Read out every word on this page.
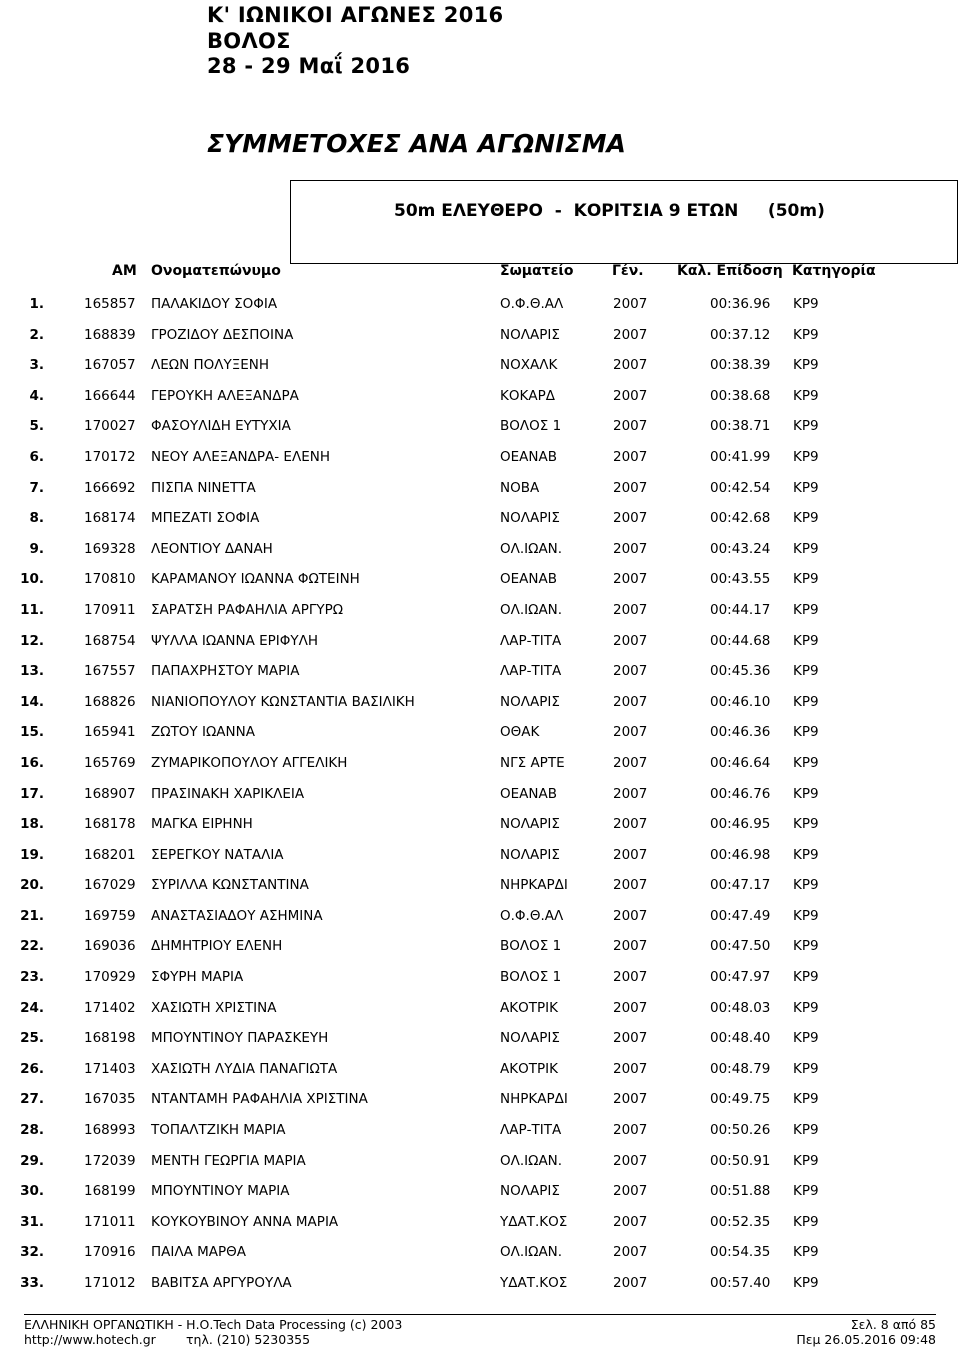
Κ' ΙΩΝΙΚΟΙ ΑΓΩΝΕΣ 2016
ΒΟΛΟΣ
28 - 29 Μαΐ 2016
ΣΥΜΜΕΤΟΧΕΣ ΑΝΑ ΑΓΩΝΙΣΜΑ
50m ΕΛΕΥΘΕΡΟ  -  ΚΟΡΙΤΣΙΑ 9 ΕΤΩΝ     (50m)
ΑΜ Ονοματεπώνυμο	Σωματείο	Γέν. Καλ. Επίδοση Κατηγορία
1.	165857 ΠΑΛΑΚΙΔΟΥ ΣΟΦΙΑ	Ο.Φ.Θ.ΑΛ	2007	00:36.96 ΚΡ9
2.	168839 ΓΡΟΖΙΔΟΥ ΔΕΣΠΟΙΝΑ	ΝΟΛΑΡΙΣ	2007	00:37.12 ΚΡ9
3.	167057 ΛΕΩΝ ΠΟΛΥΞΕΝΗ	ΝΟΧΑΛΚ	2007	00:38.39 ΚΡ9
4.	166644 ΓΕΡΟΥΚΗ ΑΛΕΞΑΝΔΡΑ	ΚΟΚΑΡΔ	2007	00:38.68 ΚΡ9
5.	170027 ΦΑΣΟΥΛΙΔΗ ΕΥΤΥΧΙΑ	ΒΟΛΟΣ 1	2007	00:38.71 ΚΡ9
6.	170172 ΝΕΟΥ ΑΛΕΞΑΝΔΡΑ- ΕΛΕΝΗ	ΟΕΑΝΑΒ	2007	00:41.99 ΚΡ9
7.	166692 ΠΙΣΠΑ ΝΙΝΕΤΤΑ	ΝΟΒΑ	2007	00:42.54 ΚΡ9
8.	168174 ΜΠΕΖΑΤΙ ΣΟΦΙΑ	ΝΟΛΑΡΙΣ	2007	00:42.68 ΚΡ9
9.	169328 ΛΕΟΝΤΙΟΥ ΔΑΝΑΗ	ΟΛ.ΙΩΑΝ.	2007	00:43.24 ΚΡ9
10.	170810 ΚΑΡΑΜΑΝΟΥ ΙΩΑΝΝΑ ΦΩΤΕΙΝΗ	ΟΕΑΝΑΒ	2007	00:43.55 ΚΡ9
11.	170911 ΣΑΡΑΤΣΗ ΡΑΦΑΗΛΙΑ ΑΡΓΥΡΩ	ΟΛ.ΙΩΑΝ.	2007	00:44.17 ΚΡ9
12.	168754 ΨΥΛΛΑ ΙΩΑΝΝΑ ΕΡΙΦΥΛΗ	ΛΑΡ-ΤΙΤΑ	2007	00:44.68 ΚΡ9
13.	167557 ΠΑΠΑΧΡΗΣΤΟΥ ΜΑΡΙΑ	ΛΑΡ-ΤΙΤΑ	2007	00:45.36 ΚΡ9
14.	168826 ΝΙΑΝΙΟΠΟΥΛΟΥ ΚΩΝΣΤΑΝΤΙΑ ΒΑΣΙΛΙΚΗ	ΝΟΛΑΡΙΣ	2007	00:46.10 ΚΡ9
15.	165941 ΖΩΤΟΥ ΙΩΑΝΝΑ	ΟΘΑΚ	2007	00:46.36 ΚΡ9
16.	165769 ΖΥΜΑΡΙΚΟΠΟΥΛΟΥ ΑΓΓΕΛΙΚΗ	ΝΓΣ ΑΡΤΕ	2007	00:46.64 ΚΡ9
17.	168907 ΠΡΑΣΙΝΑΚΗ ΧΑΡΙΚΛΕΙΑ	ΟΕΑΝΑΒ	2007	00:46.76 ΚΡ9
18.	168178 ΜΑΓΚΑ ΕΙΡΗΝΗ	ΝΟΛΑΡΙΣ	2007	00:46.95 ΚΡ9
19.	168201 ΣΕΡΕΓΚΟΥ ΝΑΤΑΛΙΑ	ΝΟΛΑΡΙΣ	2007	00:46.98 ΚΡ9
20.	167029 ΣΥΡΙΛΛΑ ΚΩΝΣΤΑΝΤΙΝΑ	ΝΗΡΚΑΡΔΙ	2007	00:47.17 ΚΡ9
21.	169759 ΑΝΑΣΤΑΣΙΑΔΟΥ ΑΣΗΜΙΝΑ	Ο.Φ.Θ.ΑΛ	2007	00:47.49 ΚΡ9
22.	169036 ΔΗΜΗΤΡΙΟΥ ΕΛΕΝΗ	ΒΟΛΟΣ 1	2007	00:47.50 ΚΡ9
23.	170929 ΣΦΥΡΗ ΜΑΡΙΑ	ΒΟΛΟΣ 1	2007	00:47.97 ΚΡ9
24.	171402 ΧΑΣΙΩΤΗ ΧΡΙΣΤΙΝΑ	ΑΚΟΤΡΙΚ	2007	00:48.03 ΚΡ9
25.	168198 ΜΠΟΥΝΤΙΝΟΥ ΠΑΡΑΣΚΕΥΗ	ΝΟΛΑΡΙΣ	2007	00:48.40 ΚΡ9
26.	171403 ΧΑΣΙΩΤΗ ΛΥΔΙΑ ΠΑΝΑΓΙΩΤΑ	ΑΚΟΤΡΙΚ	2007	00:48.79 ΚΡ9
27.	167035 ΝΤΑΝΤΑΜΗ ΡΑΦΑΗΛΙΑ ΧΡΙΣΤΙΝΑ	ΝΗΡΚΑΡΔΙ	2007	00:49.75 ΚΡ9
28.	168993 ΤΟΠΑΛΤΖΙΚΗ ΜΑΡΙΑ	ΛΑΡ-ΤΙΤΑ	2007	00:50.26 ΚΡ9
29.	172039 ΜΕΝΤΗ ΓΕΩΡΓΙΑ ΜΑΡΙΑ	ΟΛ.ΙΩΑΝ.	2007	00:50.91 ΚΡ9
30.	168199 ΜΠΟΥΝΤΙΝΟΥ ΜΑΡΙΑ	ΝΟΛΑΡΙΣ	2007	00:51.88 ΚΡ9
31.	171011 ΚΟΥΚΟΥΒΙΝΟΥ ΑΝΝΑ ΜΑΡΙΑ	ΥΔΑΤ.ΚΟΣ	2007	00:52.35 ΚΡ9
32.	170916 ΠΑΙΛΑ ΜΑΡΘΑ	ΟΛ.ΙΩΑΝ.	2007	00:54.35 ΚΡ9
33.	171012 ΒΑΒΙΤΣΑ ΑΡΓΥΡΟΥΛΑ	ΥΔΑΤ.ΚΟΣ	2007	00:57.40 ΚΡ9
ΕΛΛΗΝΙΚΗ ΟΡΓΑΝΩΤΙΚΗ - Η.Ο.Tech Data Processing (c) 2003
http://www.hotech.gr τηλ. (210) 5230355
Σελ. 8 από 85
Πεμ 26.05.2016 09:48
